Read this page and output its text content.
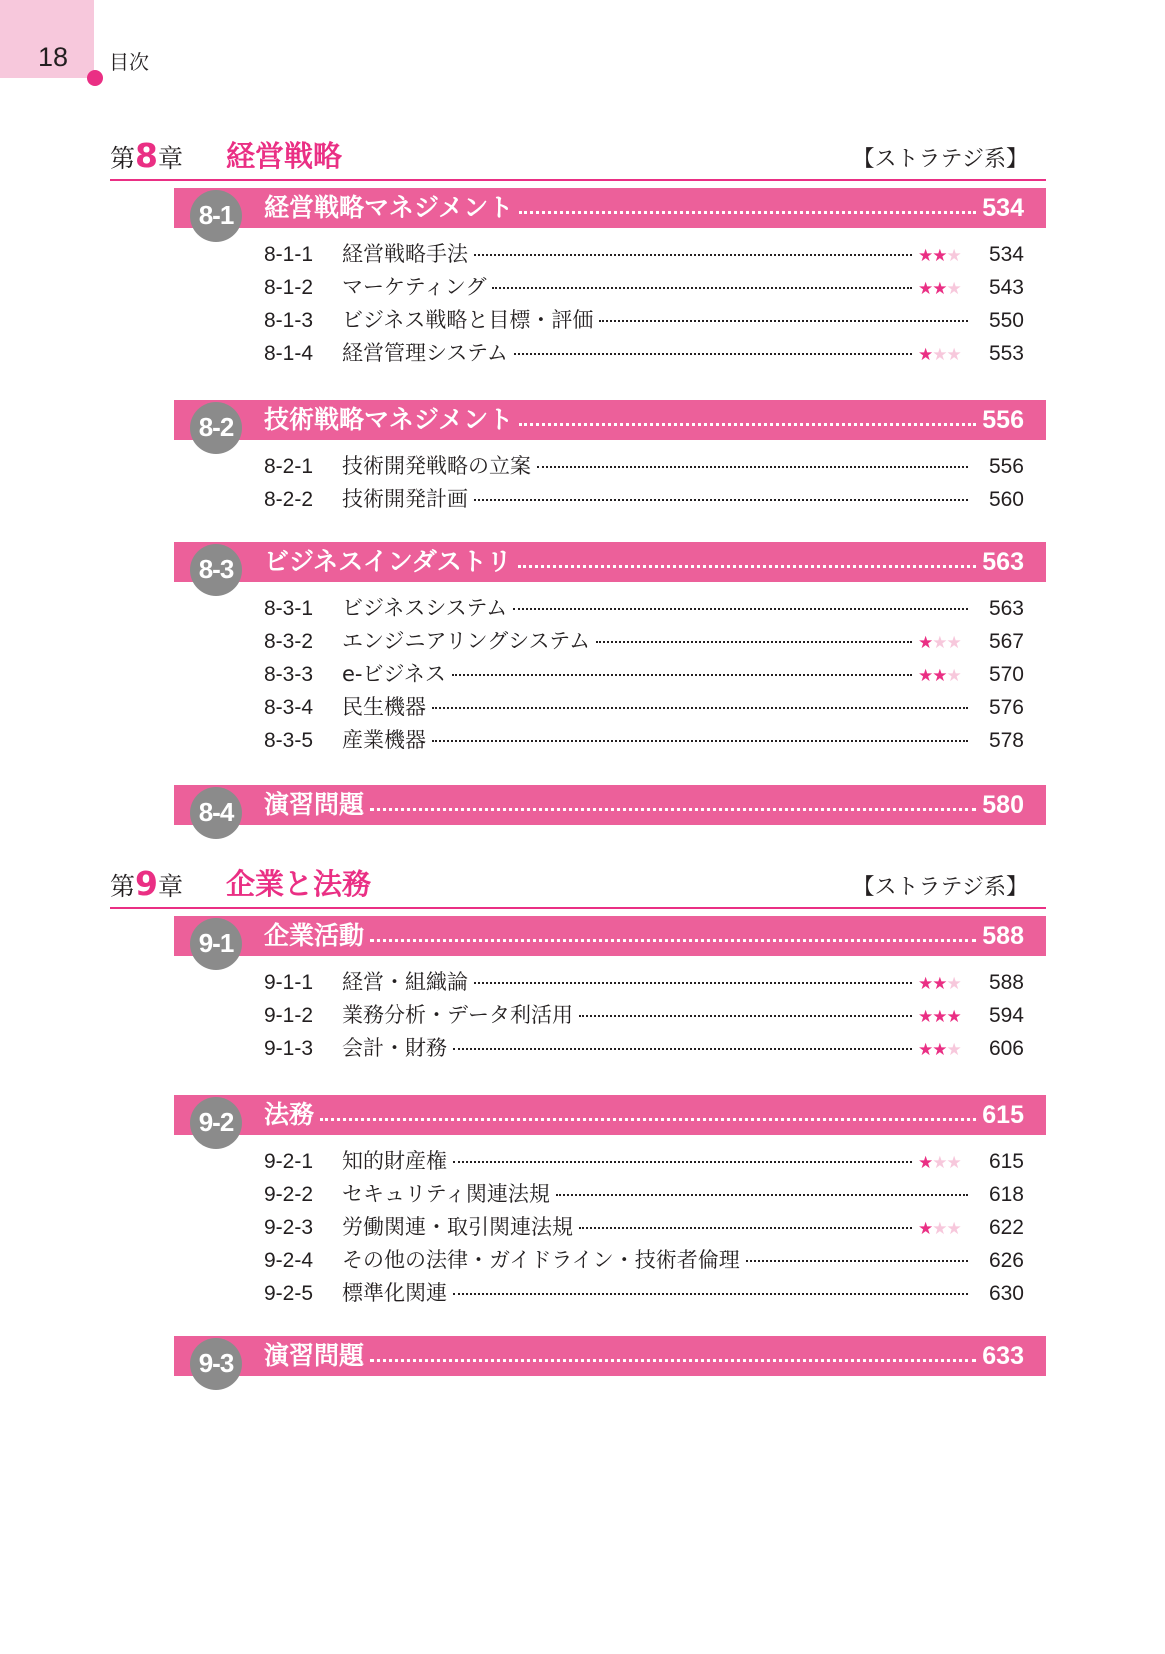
18 目次
第8章 経営戦略	【ストラテジ系】
8-1	経営戦略マネジメント	534
8-1-1	経営戦略手法	★★★	534
8-1-2	マーケティング	★★★	543
8-1-3	ビジネス戦略と目標・評価	550
8-1-4	経営管理システム	★★★	553
8-2	技術戦略マネジメント	556
8-2-1	技術開発戦略の立案	556
8-2-2	技術開発計画	560
8-3	ビジネスインダストリ	563
8-3-1	ビジネスシステム	563
8-3-2	エンジニアリングシステム	★★★	567
8-3-3	e-ビジネス	★★★	570
8-3-4	民生機器	576
8-3-5	産業機器	578
8-4	演習問題	580
第9章 企業と法務	【ストラテジ系】
9-1	企業活動	588
9-1-1	経営・組織論	★★★	588
9-1-2	業務分析・データ利活用	★★★	594
9-1-3	会計・財務	★★★	606
9-2	法務	615
9-2-1	知的財産権	★★★	615
9-2-2	セキュリティ関連法規	618
9-2-3	労働関連・取引関連法規	★★★	622
9-2-4	その他の法律・ガイドライン・技術者倫理	626
9-2-5	標準化関連	630
9-3	演習問題	633
